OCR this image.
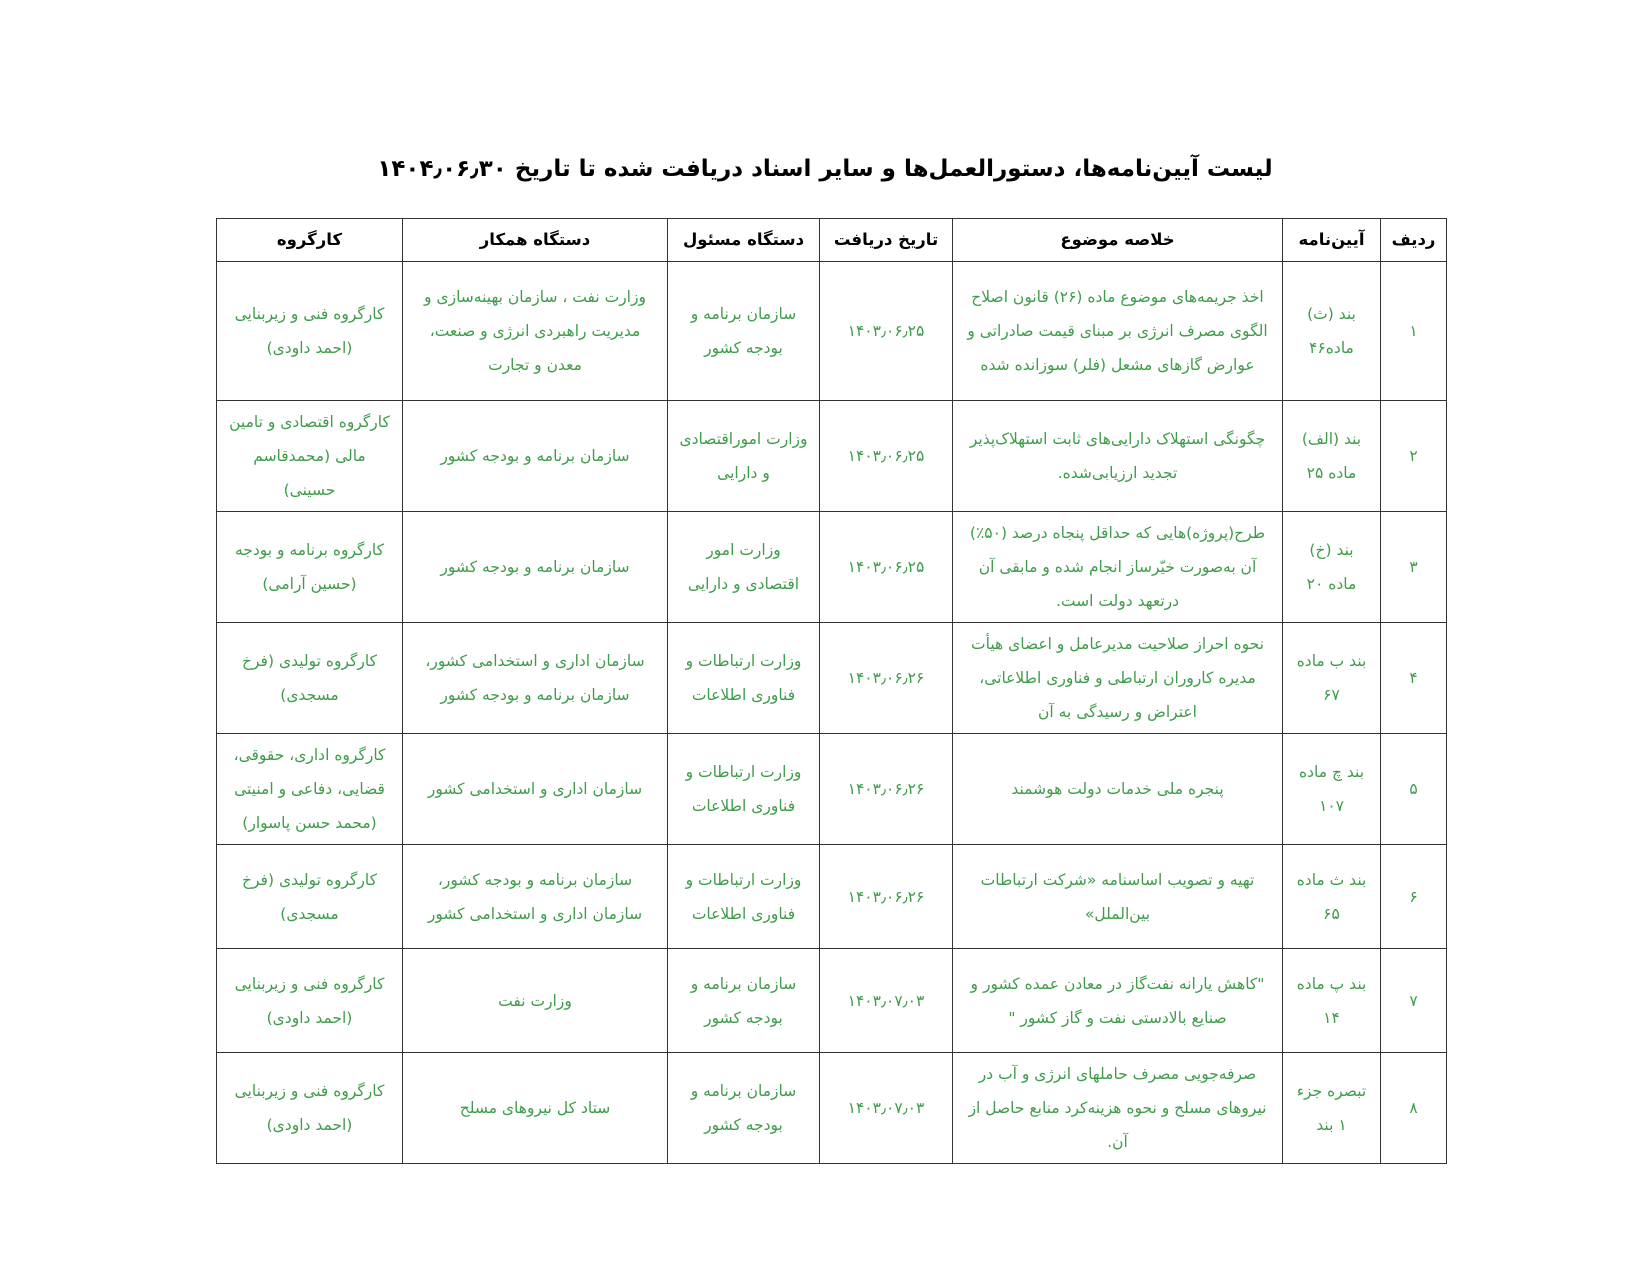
لیست آیین‌نامه‌ها، دستورالعمل‌ها و سایر اسناد دریافت شده تا تاریخ ۱۴۰۴٫۰۶٫۳۰
ردیف	آیین‌نامه	خلاصه موضوع	تاریخ دریافت	دستگاه مسئول	دستگاه همکار	کارگروه
۱	بند (ث) ماده۴۶	اخذ جریمه‌های موضوع ماده (۲۶) قانون اصلاح الگوی مصرف انرژی بر مبنای قیمت صادراتی و عوارض گازهای مشعل (فلر) سوزانده شده	۱۴۰۳٫۰۶٫۲۵	سازمان برنامه و بودجه کشور	وزارت نفت ، سازمان بهینه‌سازی و مدیریت راهبردی انرژی و صنعت، معدن و تجارت	کارگروه فنی و زیربنایی (احمد داودی)
۲	بند (الف) ماده ۲۵	چگونگی استهلاک دارایی‌های ثابت استهلاک‌پذیر تجدید ارزیابی‌شده.	۱۴۰۳٫۰۶٫۲۵	وزارت اموراقتصادی و دارایی	سازمان برنامه و بودجه کشور	کارگروه اقتصادی و تامین مالی (محمدقاسم حسینی)
۳	بند (خ) ماده ۲۰	طرح(پروژه)هایی که حداقل پنجاه درصد (۵۰٪) آن به‌صورت خیّرساز انجام شده و مابقی آن درتعهد دولت است.	۱۴۰۳٫۰۶٫۲۵	وزارت امور اقتصادی و دارایی	سازمان برنامه و بودجه کشور	کارگروه برنامه و بودجه (حسین آرامی)
۴	بند ب ماده ۶۷	نحوه احراز صلاحیت مدیرعامل و اعضای هیأت مدیره کاروران ارتباطی و فناوری اطلاعاتی، اعتراض و رسیدگی به آن	۱۴۰۳٫۰۶٫۲۶	وزارت ارتباطات و فناوری اطلاعات	سازمان اداری و استخدامی کشور، سازمان برنامه و بودجه کشور	کارگروه تولیدی (فرخ مسجدی)
۵	بند چ ماده ۱۰۷	پنجره ملی خدمات دولت هوشمند	۱۴۰۳٫۰۶٫۲۶	وزارت ارتباطات و فناوری اطلاعات	سازمان اداری و استخدامی کشور	کارگروه اداری، حقوقی، قضایی، دفاعی و امنیتی (محمد حسن پاسوار)
۶	بند ث ماده ۶۵	تهیه و تصویب اساسنامه «شرکت ارتباطات بین‌الملل»	۱۴۰۳٫۰۶٫۲۶	وزارت ارتباطات و فناوری اطلاعات	سازمان برنامه و بودجه کشور، سازمان اداری و استخدامی کشور	کارگروه تولیدی (فرخ مسجدی)
۷	بند پ ماده ۱۴	"کاهش یارانه نفت‌گاز در معادن عمده کشور و صنایع بالادستی نفت و گاز کشور "	۱۴۰۳٫۰۷٫۰۳	سازمان برنامه و بودجه کشور	وزارت نفت	کارگروه فنی و زیربنایی (احمد داودی)
۸	تبصره جزء ۱ بند	صرفه‌جویی مصرف حاملهای انرژی و آب در نیروهای مسلح و نحوه هزینه‌کرد منابع حاصل از آن.	۱۴۰۳٫۰۷٫۰۳	سازمان برنامه و بودجه کشور	ستاد کل نیروهای مسلح	کارگروه فنی و زیربنایی (احمد داودی)
